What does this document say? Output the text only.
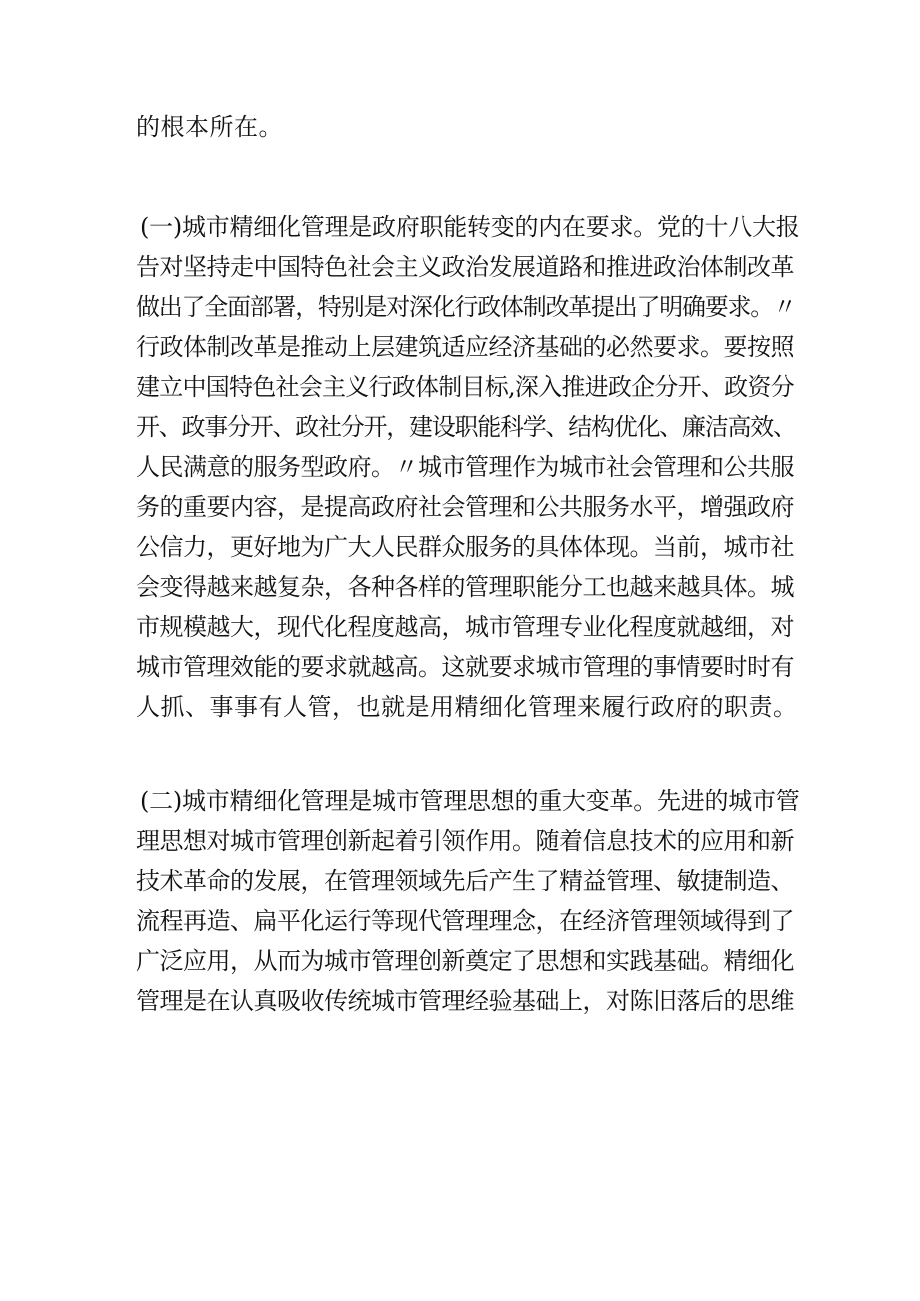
的根本所在。
(一)城市精细化管理是政府职能转变的内在要求。党的十八大报
告对坚持走中国特色社会主义政治发展道路和推进政治体制改革
做出了全面部署，特别是对深化行政体制改革提出了明确要求。〃
行政体制改革是推动上层建筑适应经济基础的必然要求。要按照
建立中国特色社会主义行政体制目标,深入推进政企分开、政资分
开、政事分开、政社分开，建设职能科学、结构优化、廉洁高效、
人民满意的服务型政府。〃城市管理作为城市社会管理和公共服
务的重要内容，是提高政府社会管理和公共服务水平，增强政府
公信力，更好地为广大人民群众服务的具体体现。当前，城市社
会变得越来越复杂，各种各样的管理职能分工也越来越具体。城
市规模越大，现代化程度越高，城市管理专业化程度就越细，对
城市管理效能的要求就越高。这就要求城市管理的事情要时时有
人抓、事事有人管，也就是用精细化管理来履行政府的职责。
(二)城市精细化管理是城市管理思想的重大变革。先进的城市管
理思想对城市管理创新起着引领作用。随着信息技术的应用和新
技术革命的发展，在管理领域先后产生了精益管理、敏捷制造、
流程再造、扁平化运行等现代管理理念，在经济管理领域得到了
广泛应用，从而为城市管理创新奠定了思想和实践基础。精细化
管理是在认真吸收传统城市管理经验基础上，对陈旧落后的思维
